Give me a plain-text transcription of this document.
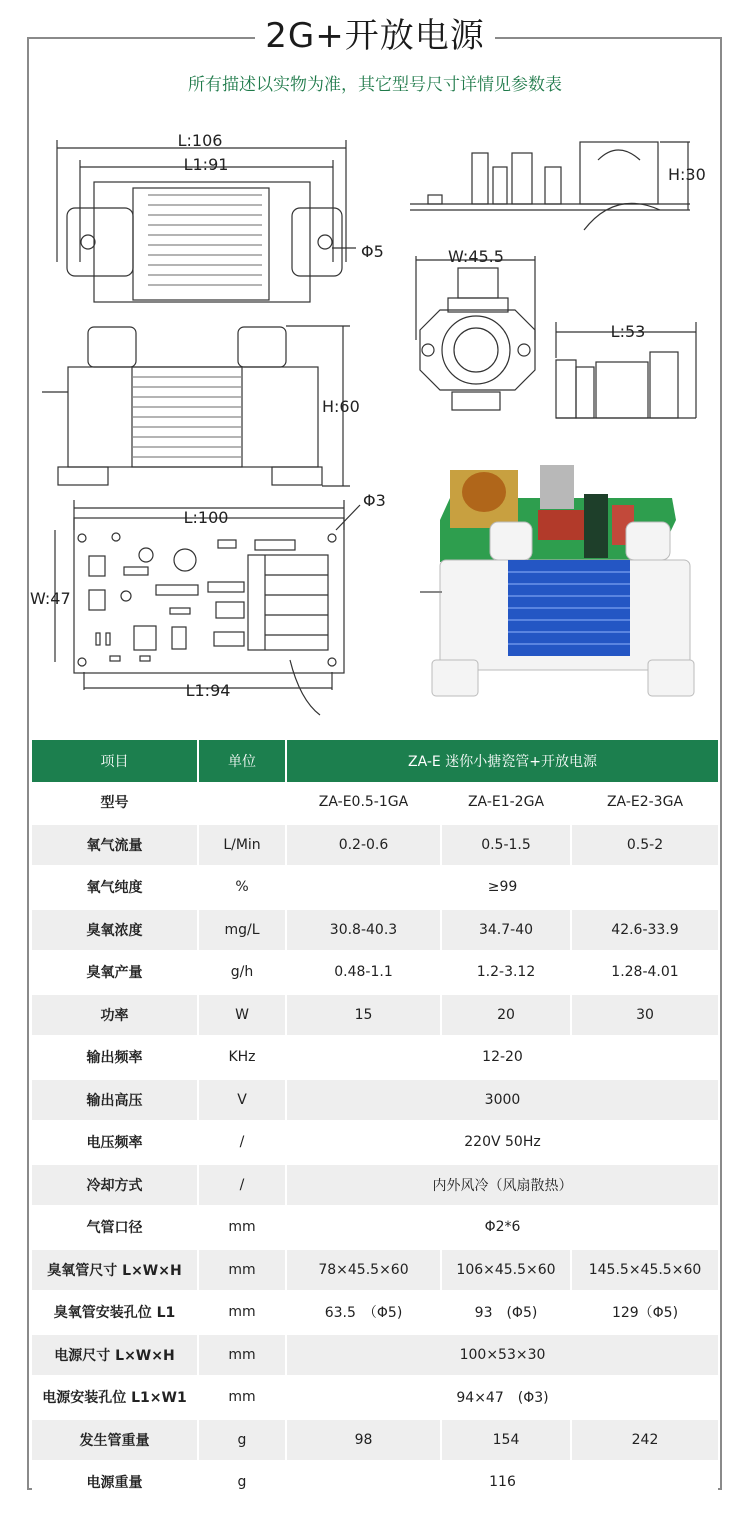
2G+开放电源
所有描述以实物为准，其它型号尺寸详情见参数表
L:106
L1:91
Φ5
H:30
W:45.5
L:53
H:60
Φ3
L:100
W:47
L1:94
项目	单位	ZA-E 迷你小搪瓷管+开放电源		
型号		ZA-E0.5-1GA	ZA-E1-2GA	ZA-E2-3GA
氧气流量	L/Min	0.2-0.6	0.5-1.5	0.5-2
氧气纯度	%	≥99		
臭氧浓度	mg/L	30.8-40.3	34.7-40	42.6-33.9
臭氧产量	g/h	0.48-1.1	1.2-3.12	1.28-4.01
功率	W	15	20	30
输出频率	KHz	12-20		
输出高压	V	3000		
电压频率	/	220V 50Hz		
冷却方式	/	内外风冷（风扇散热）		
气管口径	mm	Φ2*6		
臭氧管尺寸 L×W×H	mm	78×45.5×60	106×45.5×60	145.5×45.5×60
臭氧管安装孔位 L1	mm	63.5　（Φ5)	93　(Φ5)	129（Φ5)
电源尺寸 L×W×H	mm	100×53×30		
电源安装孔位 L1×W1	mm	94×47　(Φ3)		
发生管重量	g	98	154	242
电源重量	g	116		
